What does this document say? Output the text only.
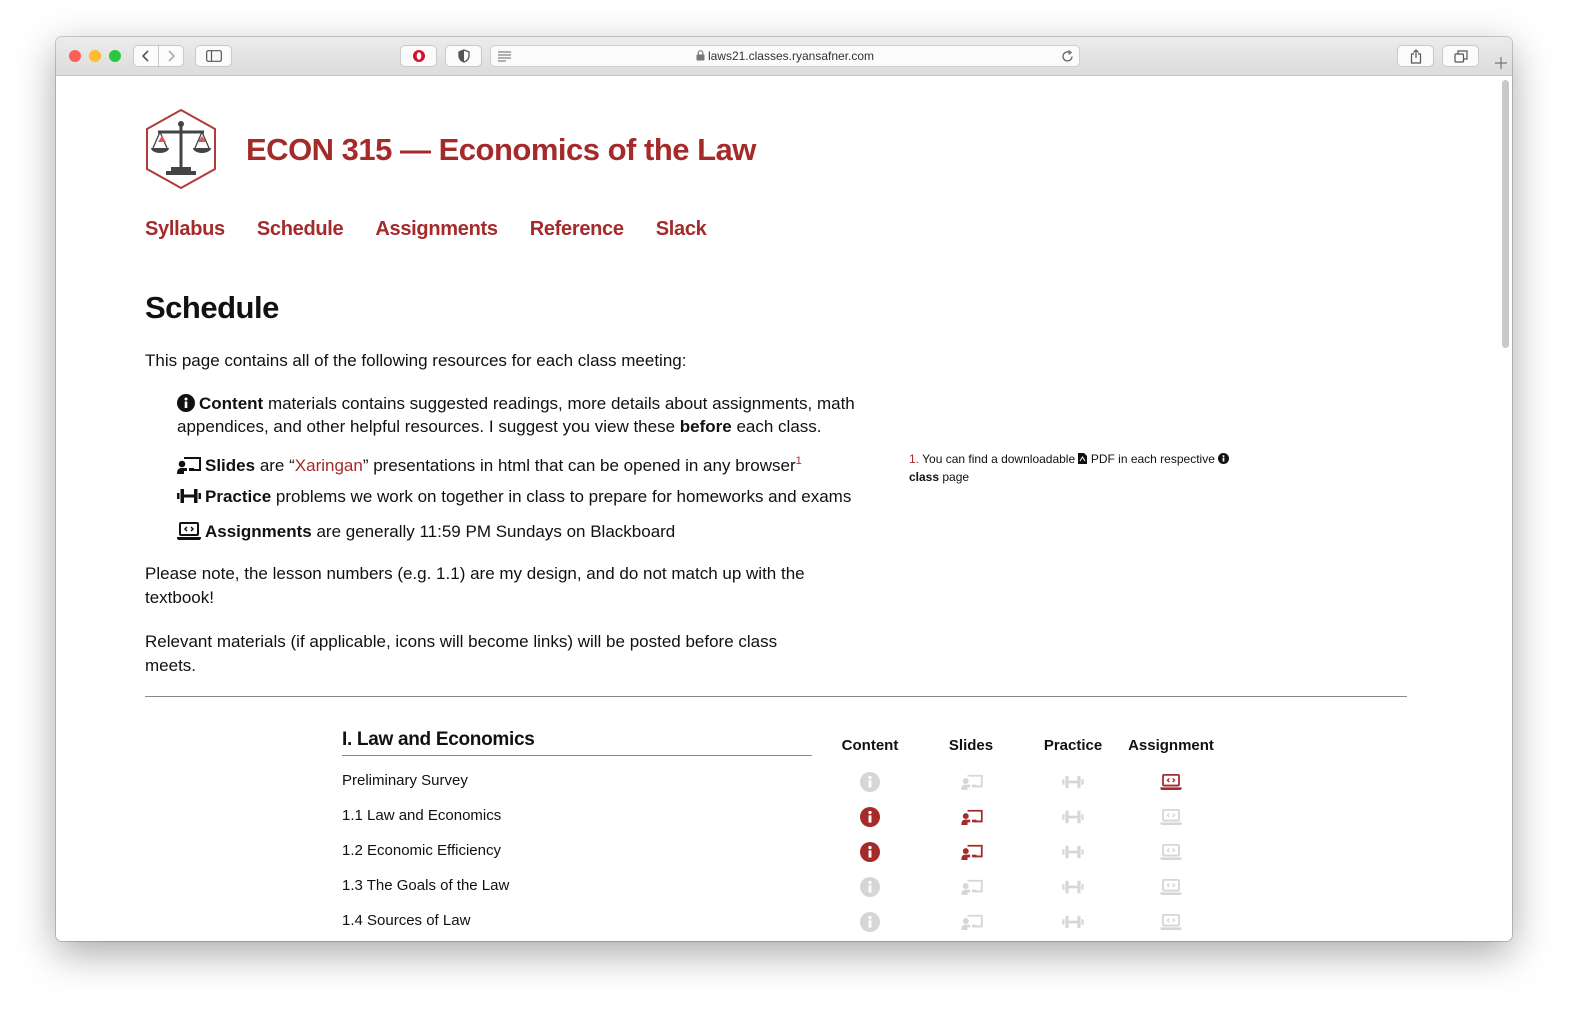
laws21.classes.ryansafner.com
ECON 315 — Economics of the Law
Syllabus Schedule Assignments Reference Slack
Schedule

This page contains all of the following resources for each class meeting:

Content materials contains suggested readings, more details about assignments, math appendices, and other helpful resources. I suggest you view these before each class.
Slides are “Xaringan” presentations in html that can be opened in any browser$^1$
Practice problems we work on together in class to prepare for homeworks and exams
Assignments are generally 11:59 PM Sundays on Blackboard

Please note, the lesson numbers (e.g. 1.1) are my design, and do not match up with the textbook!

Relevant materials (if applicable, icons will become links) will be posted before class meets.

1. You can find a downloadable  PDF in each respective  class page
I. Law and Economics	Content	Slides	Practice	Assignment
Preliminary Survey
1.1 Law and Economics
1.2 Economic Efficiency
1.3 The Goals of the Law
1.4 Sources of Law
